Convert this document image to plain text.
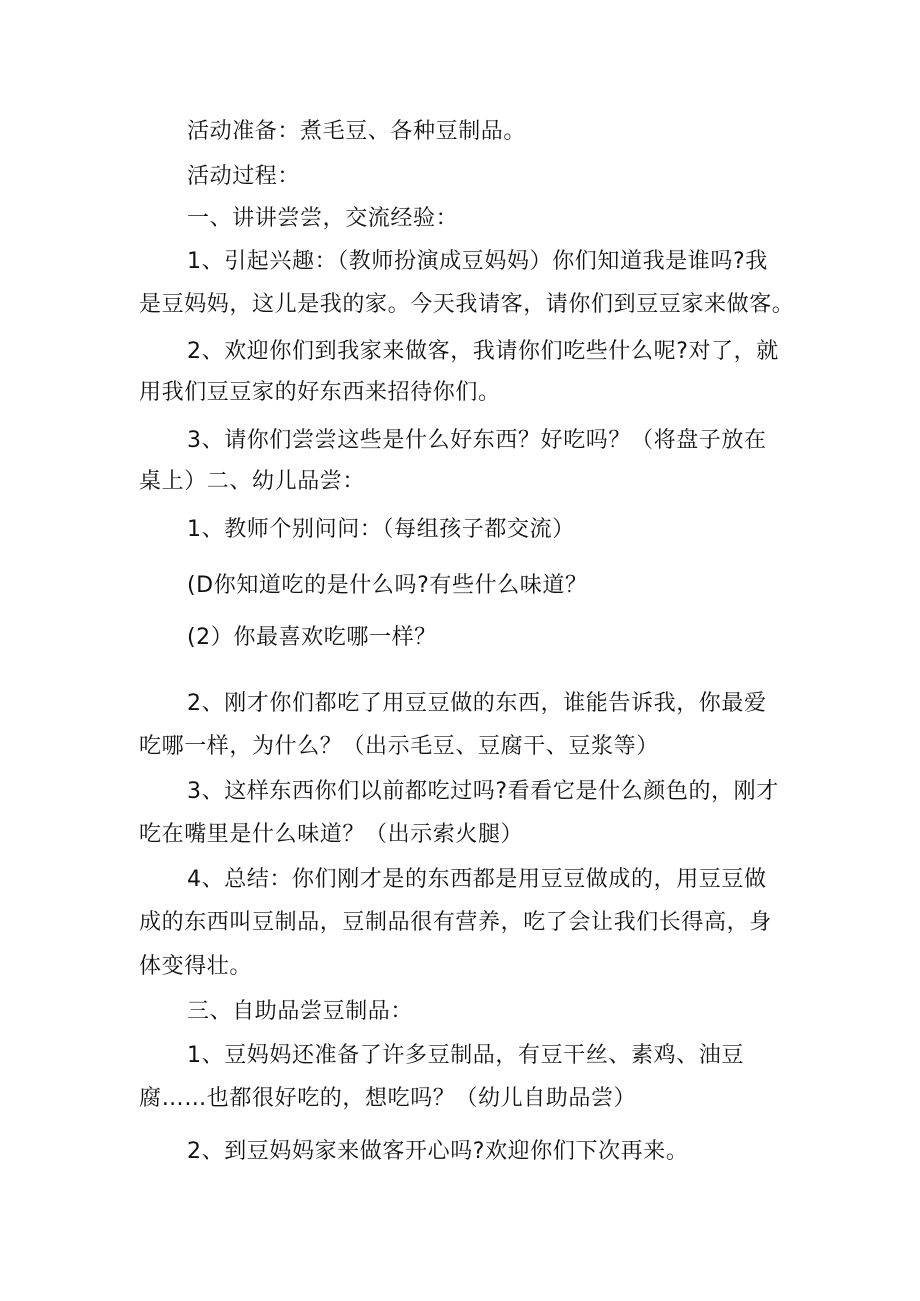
活动准备：煮毛豆、各种豆制品。
活动过程：
一、讲讲尝尝，交流经验：
1、引起兴趣：（教师扮演成豆妈妈）你们知道我是谁吗?我
是豆妈妈，这儿是我的家。今天我请客，请你们到豆豆家来做客。
2、欢迎你们到我家来做客，我请你们吃些什么呢?对了，就
用我们豆豆家的好东西来招待你们。
3、请你们尝尝这些是什么好东西？好吃吗？（将盘子放在
桌上）二、幼儿品尝：
1、教师个别问问：（每组孩子都交流）
(D你知道吃的是什么吗?有些什么味道？
(2）你最喜欢吃哪一样？
2、刚才你们都吃了用豆豆做的东西，谁能告诉我，你最爱
吃哪一样，为什么？（出示毛豆、豆腐干、豆浆等）
3、这样东西你们以前都吃过吗?看看它是什么颜色的，刚才
吃在嘴里是什么味道？（出示索火腿）
4、总结：你们刚才是的东西都是用豆豆做成的，用豆豆做
成的东西叫豆制品，豆制品很有营养，吃了会让我们长得高，身
体变得壮。
三、自助品尝豆制品：
1、豆妈妈还准备了许多豆制品，有豆干丝、素鸡、油豆
腐……也都很好吃的，想吃吗？（幼儿自助品尝）
2、到豆妈妈家来做客开心吗?欢迎你们下次再来。
